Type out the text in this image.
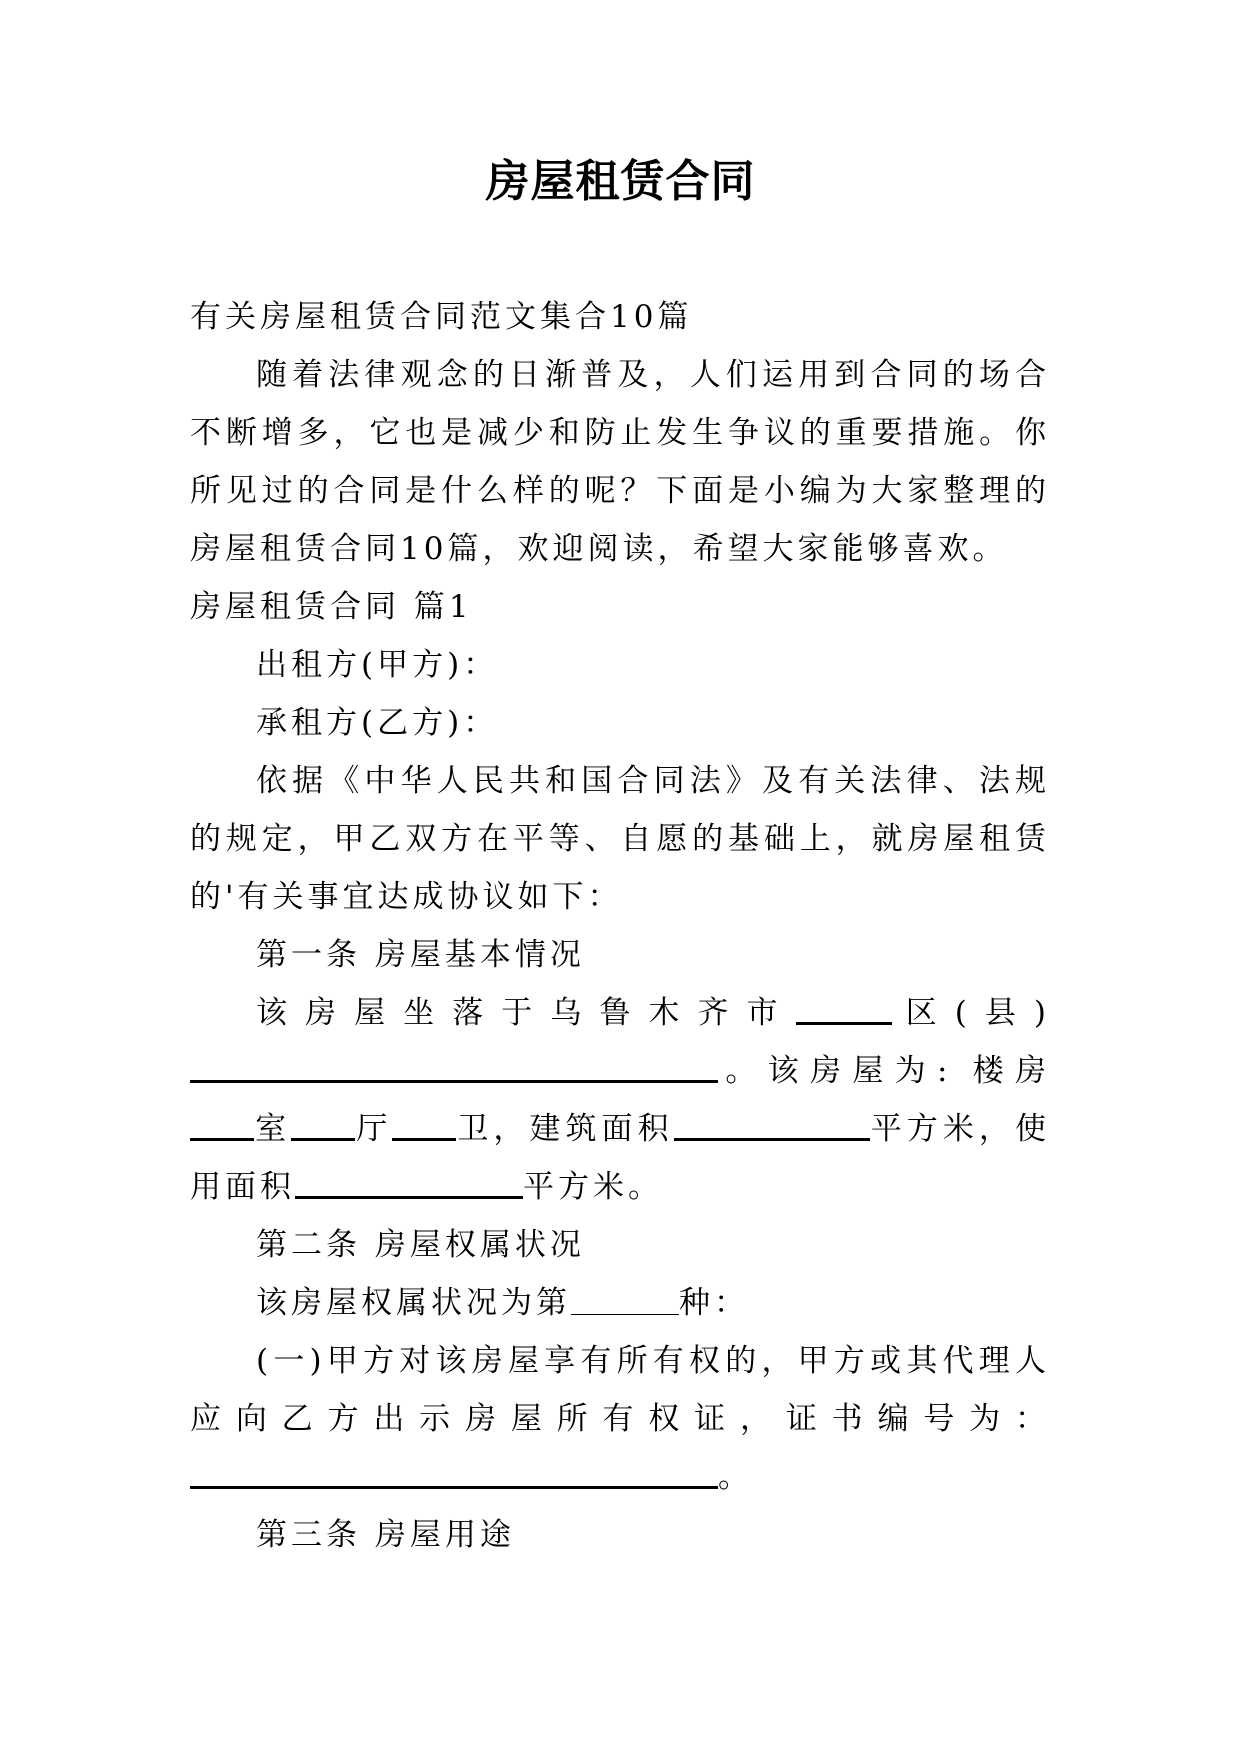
房屋租赁合同

有关房屋租赁合同范文集合10篇

随着法律观念的日渐普及，人们运用到合同的场合不断增多，它也是减少和防止发生争议的重要措施。你所见过的合同是什么样的呢？下面是小编为大家整理的房屋租赁合同10篇，欢迎阅读，希望大家能够喜欢。

房屋租赁合同 篇1

出租方(甲方)：

承租方(乙方)：

依据《中华人民共和国合同法》及有关法律、法规的规定，甲乙双方在平等、自愿的基础上，就房屋租赁的'有关事宜达成协议如下：

第一条 房屋基本情况

该房屋坐落于乌鲁木齐市	区(县)。该房屋为: 楼房室 厅 卫，建筑面积	平方米，使用面积	平方米。

第二条 房屋权属状况

该房屋权属状况为第	种：

(一)甲方对该房屋享有所有权的，甲方或其代理人应向乙方出示房屋所有权证，证书编号为：。

第三条 房屋用途
